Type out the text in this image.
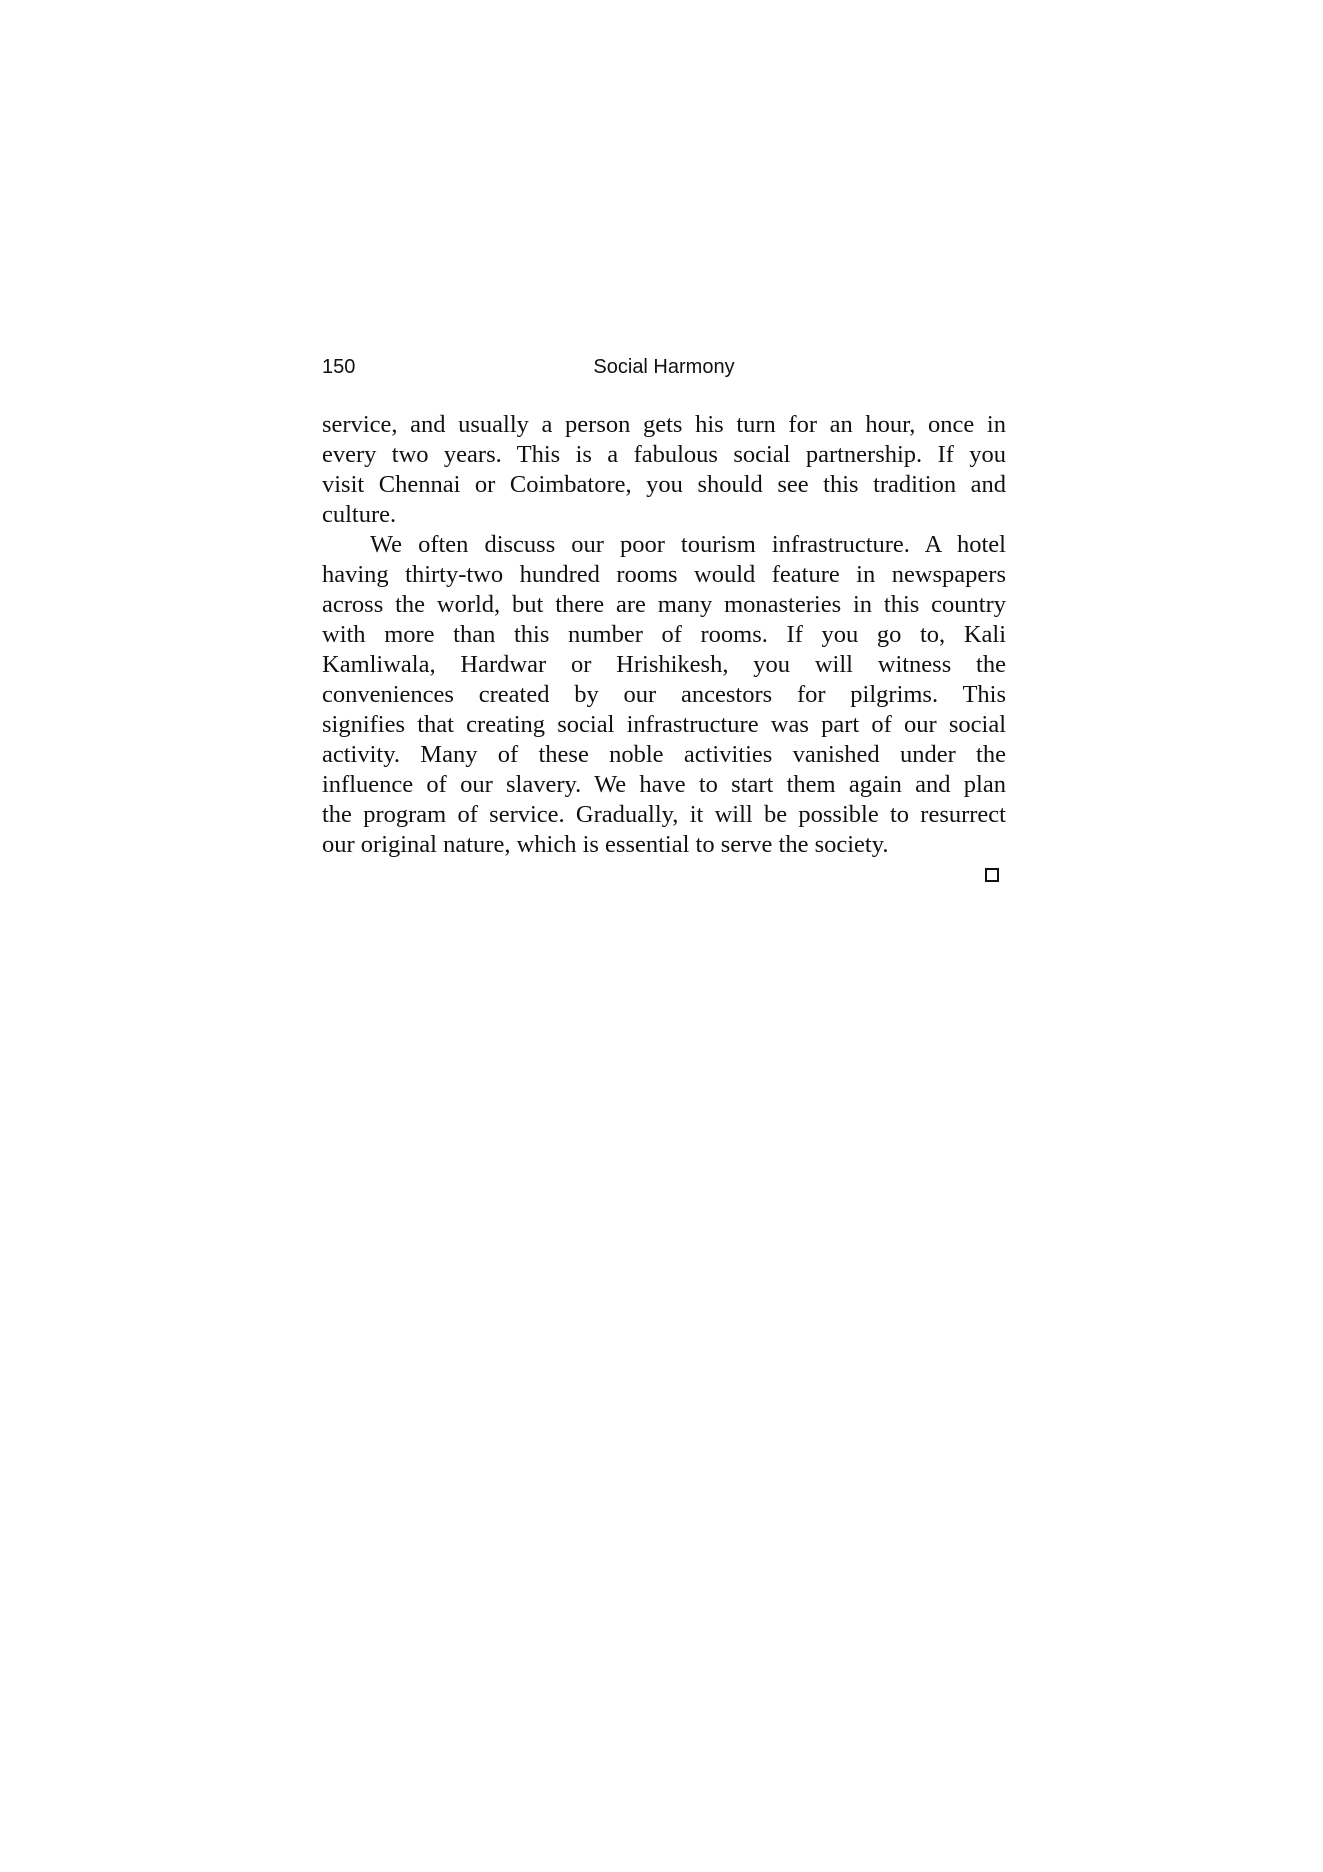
150	Social Harmony
service, and usually a person gets his turn for an hour, once in
every two years. This is a fabulous social partnership. If you
visit Chennai or Coimbatore, you should see this tradition and
culture.
We often discuss our poor tourism infrastructure. A hotel
having thirty-two hundred rooms would feature in newspapers
across the world, but there are many monasteries in this country
with more than this number of rooms. If you go to, Kali
Kamliwala, Hardwar or Hrishikesh, you will witness the
conveniences created by our ancestors for pilgrims. This
signifies that creating social infrastructure was part of our social
activity. Many of these noble activities vanished under the
influence of our slavery. We have to start them again and plan
the program of service. Gradually, it will be possible to resurrect
our original nature, which is essential to serve the society.
